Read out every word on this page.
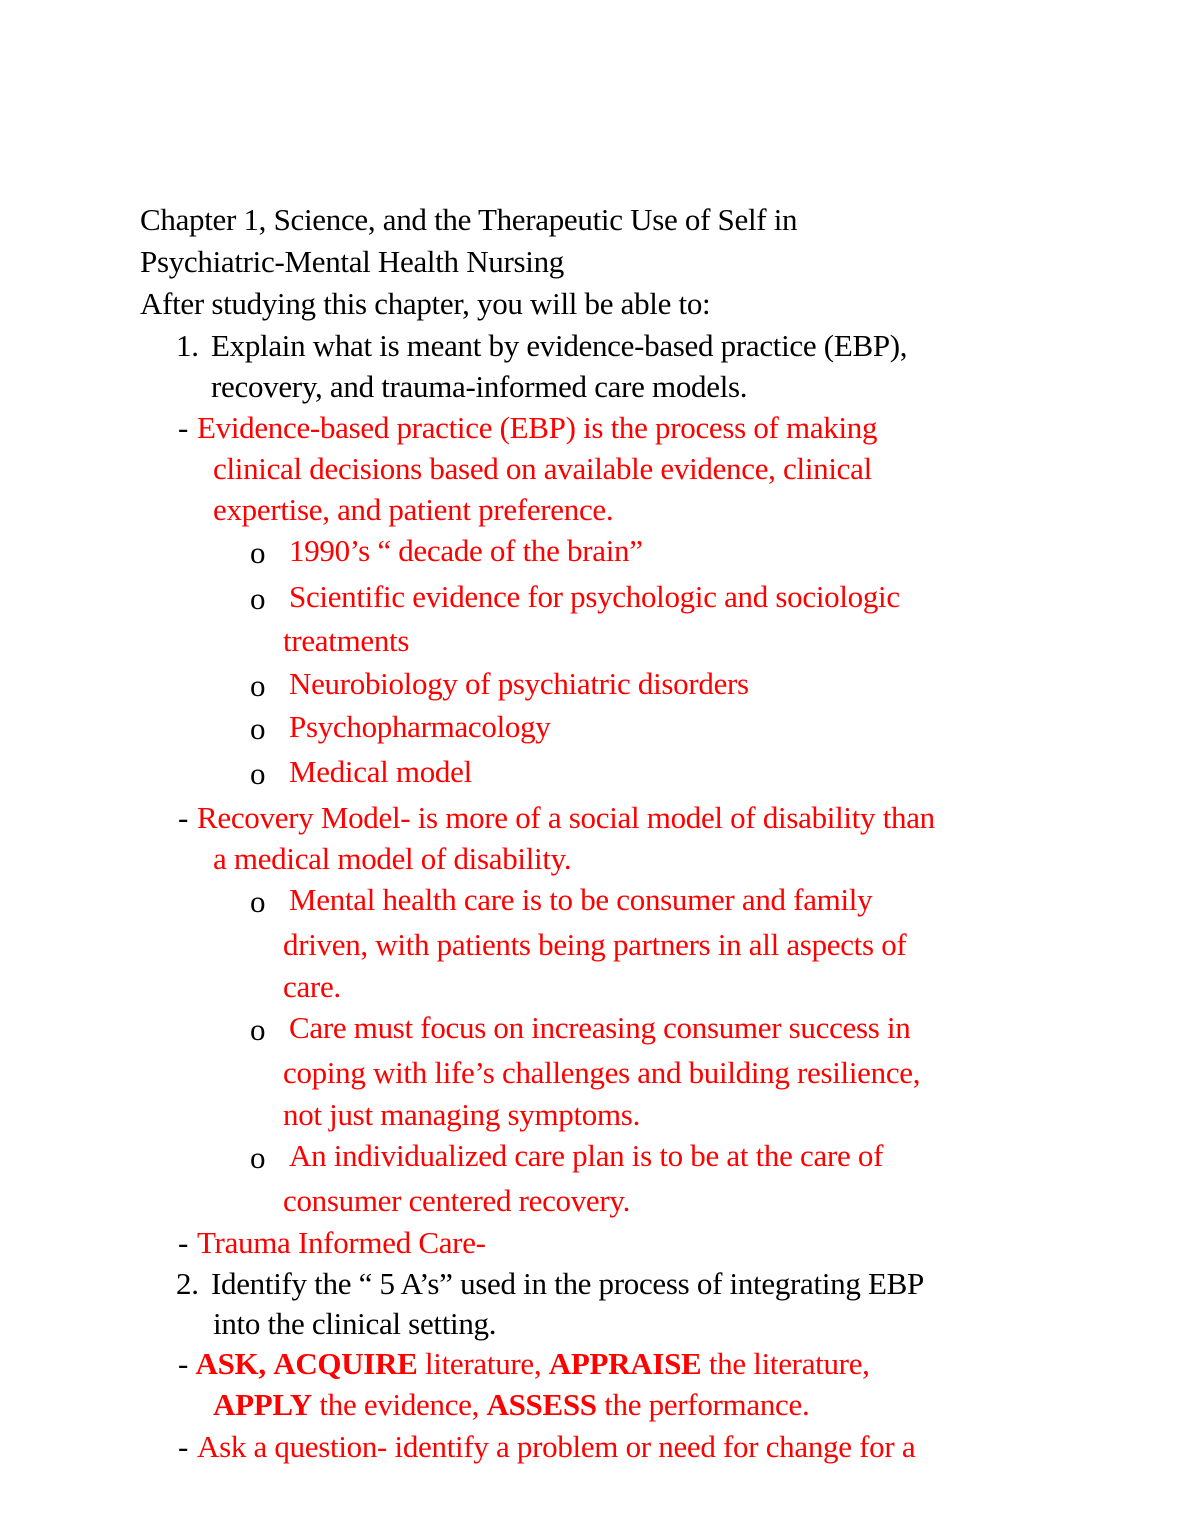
Chapter 1, Science, and the Therapeutic Use of Self in
Psychiatric-Mental Health Nursing
After studying this chapter, you will be able to:
1. Explain what is meant by evidence-based practice (EBP),
recovery, and trauma-informed care models.
- Evidence-based practice (EBP) is the process of making
clinical decisions based on available evidence, clinical
expertise, and patient preference.
o 1990’s “ decade of the brain”
o Scientific evidence for psychologic and sociologic
treatments
o Neurobiology of psychiatric disorders
o Psychopharmacology
o Medical model
- Recovery Model- is more of a social model of disability than
a medical model of disability.
o Mental health care is to be consumer and family
driven, with patients being partners in all aspects of
care.
o Care must focus on increasing consumer success in
coping with life’s challenges and building resilience,
not just managing symptoms.
o An individualized care plan is to be at the care of
consumer centered recovery.
- Trauma Informed Care-
2. Identify the “ 5 A’s” used in the process of integrating EBP
into the clinical setting.
- ASK, ACQUIRE literature, APPRAISE the literature,
APPLY the evidence, ASSESS the performance.
- Ask a question- identify a problem or need for change for a
